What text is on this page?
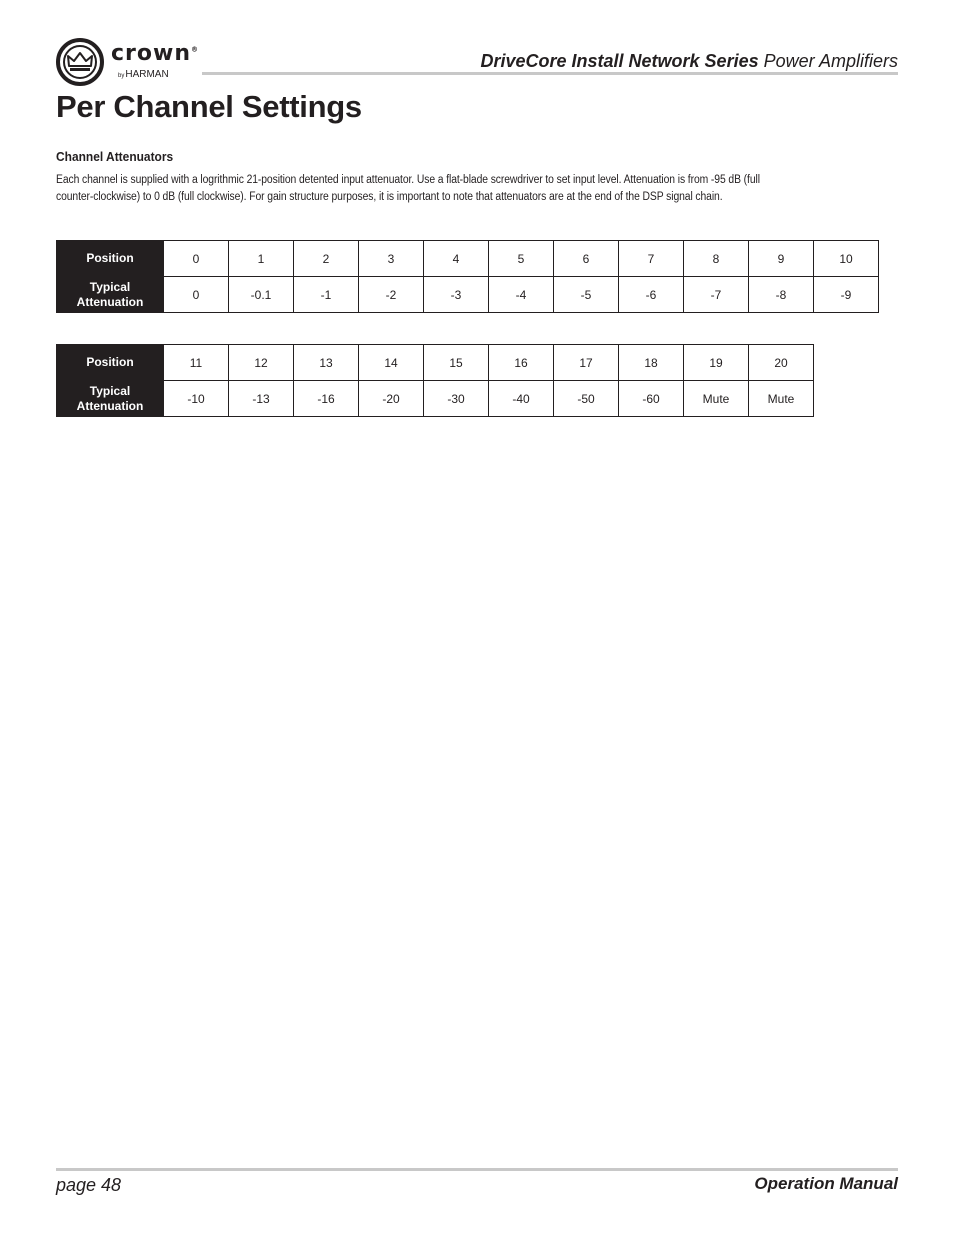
crown®
byHARMAN
DriveCore Install Network Series Power Amplifiers
Per Channel Settings
Channel Attenuators

Each channel is supplied with a logrithmic 21-position detented input attenuator. Use a flat-blade screwdriver to set input level. Attenuation is from -95 dB (full counter-clockwise) to 0 dB (full clockwise). For gain structure purposes, it is important to note that attenuators are at the end of the DSP signal chain.

Position	0	1	2	3	4	5	6	7	8	9	10
Typical
Attenuation	0	-0.1	-1	-2	-3	-4	-5	-6	-7	-8	-9
Position	11	12	13	14	15	16	17	18	19	20
Typical
Attenuation	-10	-13	-16	-20	-30	-40	-50	-60	Mute	Mute
page 48	Operation Manual
